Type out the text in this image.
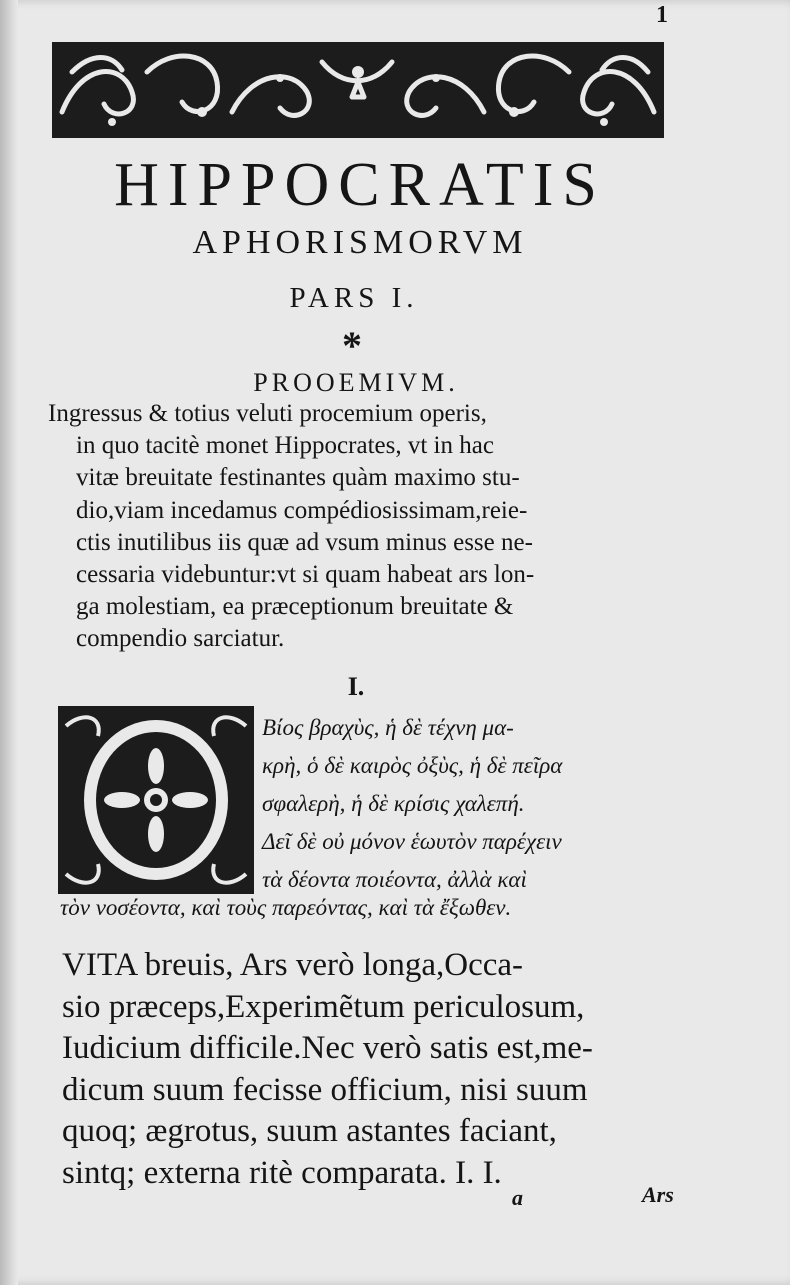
1
HIPPOCRATIS
APHORISMORVM
PARS I.
*
PROOEMIVM.

Ingressus & totius veluti procemium operis,

in quo tacitè monet Hippocrates, vt in hac

vitæ breuitate festinantes quàm maximo stu-

dio,viam incedamus compédiosissimam,reie-

ctis inutilibus iis quæ ad vsum minus esse ne-

cessaria videbuntur:vt si quam habeat ars lon-

ga molestiam, ea præceptionum breuitate &

compendio sarciatur.

I.
O
Βίος βραχὺς, ἡ δὲ τέχνη μα-
κρὴ, ὁ δὲ καιρὸς ὀξὺς, ἡ δὲ πεῖρα
σφαλερὴ, ἡ δὲ κρίσις χαλεπή.
Δεῖ δὲ οὐ μόνον ἑωυτὸν παρέχειν
τὰ δέοντα ποιέοντα, ἀλλὰ καὶ
τὸν νοσέοντα, καὶ τοὺς παρεόντας, καὶ τὰ ἔξωθεν.
VITA breuis, Ars verò longa,Occa-
sio præceps,Experimẽtum periculosum,
Iudicium difficile.Nec verò satis est,me-
dicum suum fecisse officium, nisi suum
quoq; ægrotus, suum astantes faciant,
sintq; externa ritè comparata. I. I.
a	Ars
